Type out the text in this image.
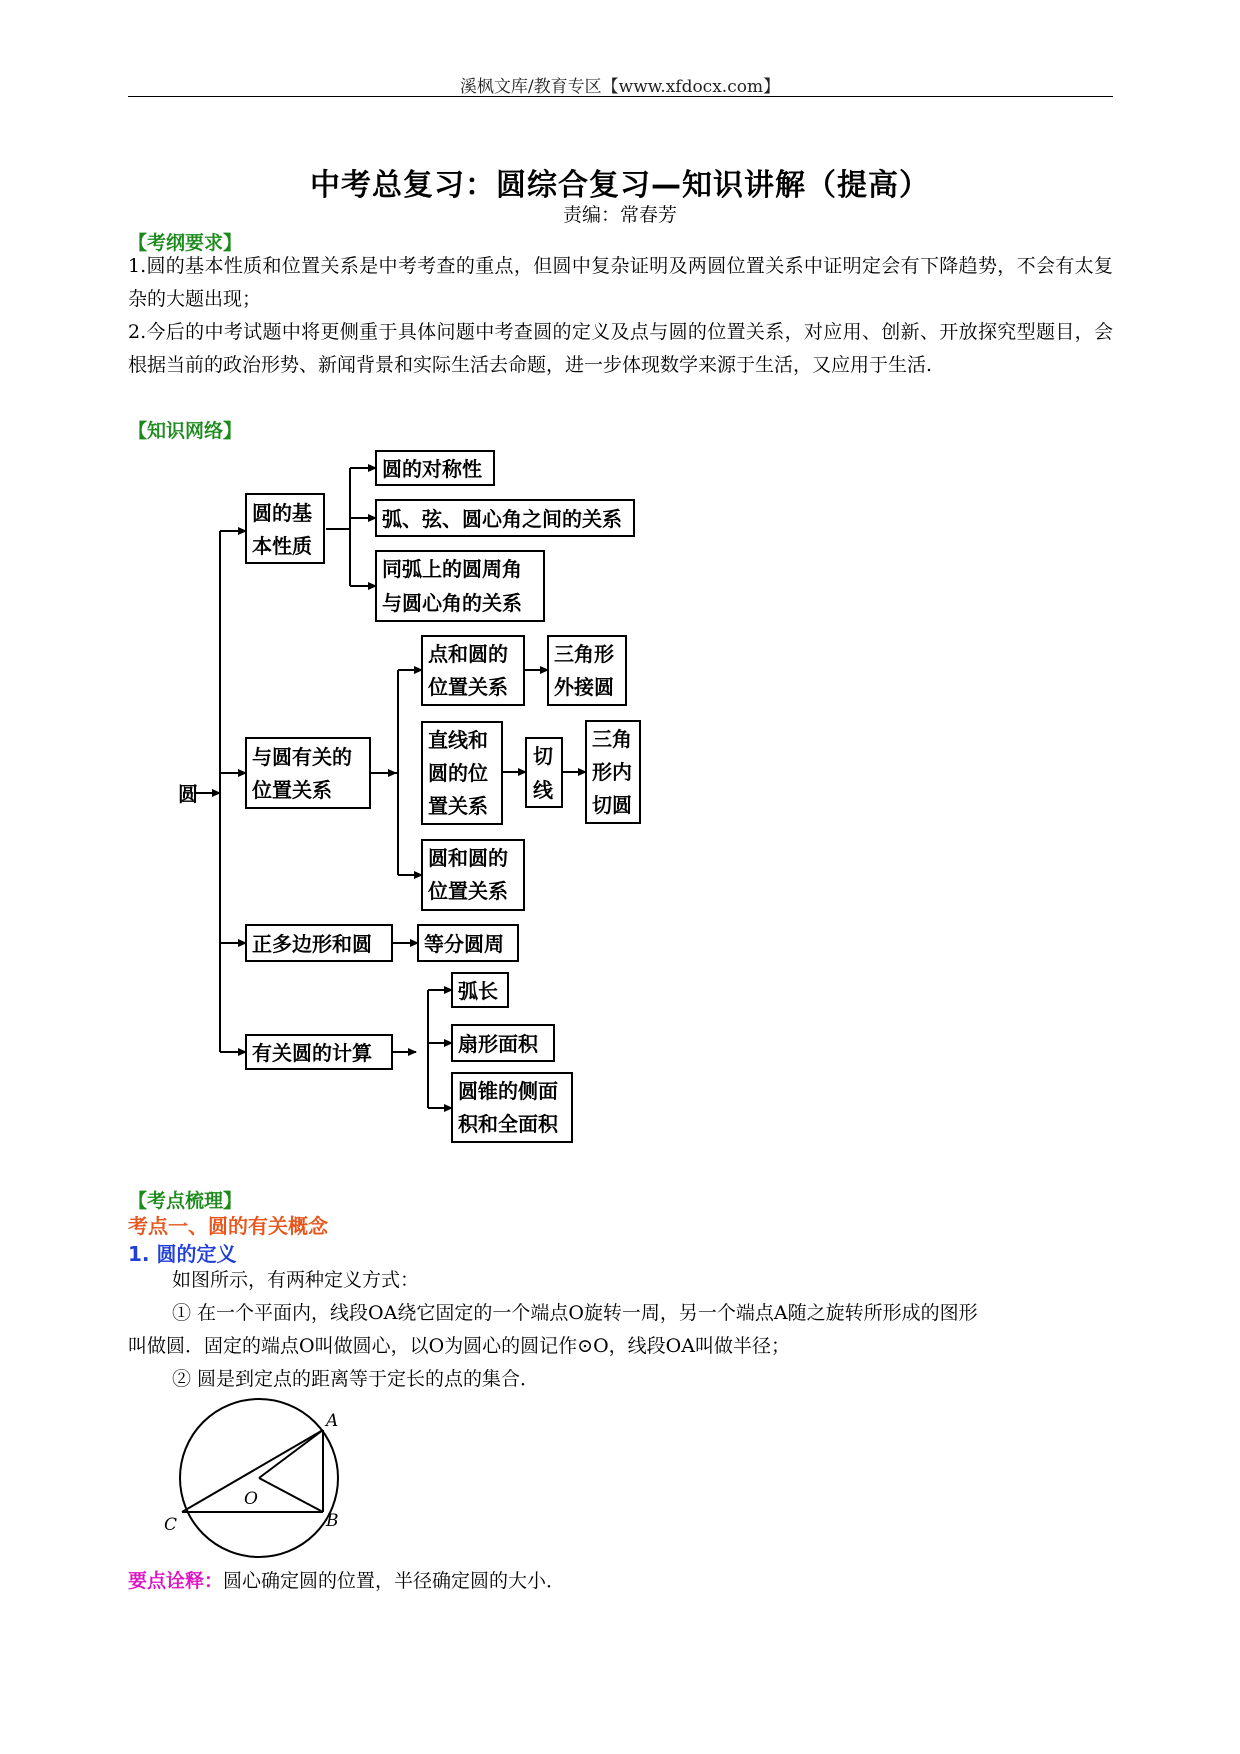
溪枫文库/教育专区【www.xfdocx.com】
中考总复习：圆综合复习—知识讲解（提高）
责编：常春芳
【考纲要求】
1.圆的基本性质和位置关系是中考考查的重点，但圆中复杂证明及两圆位置关系中证明定会有下降趋势，不会有太复杂的大题出现；
2.今后的中考试题中将更侧重于具体问题中考查圆的定义及点与圆的位置关系，对应用、创新、开放探究型题目，会根据当前的政治形势、新闻背景和实际生活去命题，进一步体现数学来源于生活，又应用于生活.
【知识网络】
圆
圆的基
本性质
圆的对称性
弧、弦、圆心角之间的关系
同弧上的圆周角
与圆心角的关系
与圆有关的
位置关系
点和圆的
位置关系
三角形
外接圆
直线和
圆的位
置关系
切
线
三角
形内
切圆
圆和圆的
位置关系
正多边形和圆	等分圆周
有关圆的计算
弧长
扇形面积
圆锥的侧面
积和全面积
【考点梳理】
考点一、圆的有关概念
1. 圆的定义
如图所示，有两种定义方式：
① 在一个平面内，线段OA绕它固定的一个端点O旋转一周，另一个端点A随之旋转所形成的图形
叫做圆．固定的端点O叫做圆心，以O为圆心的圆记作⊙O，线段OA叫做半径；
② 圆是到定点的距离等于定长的点的集合．
A
O
C	B
要点诠释：圆心确定圆的位置，半径确定圆的大小．
